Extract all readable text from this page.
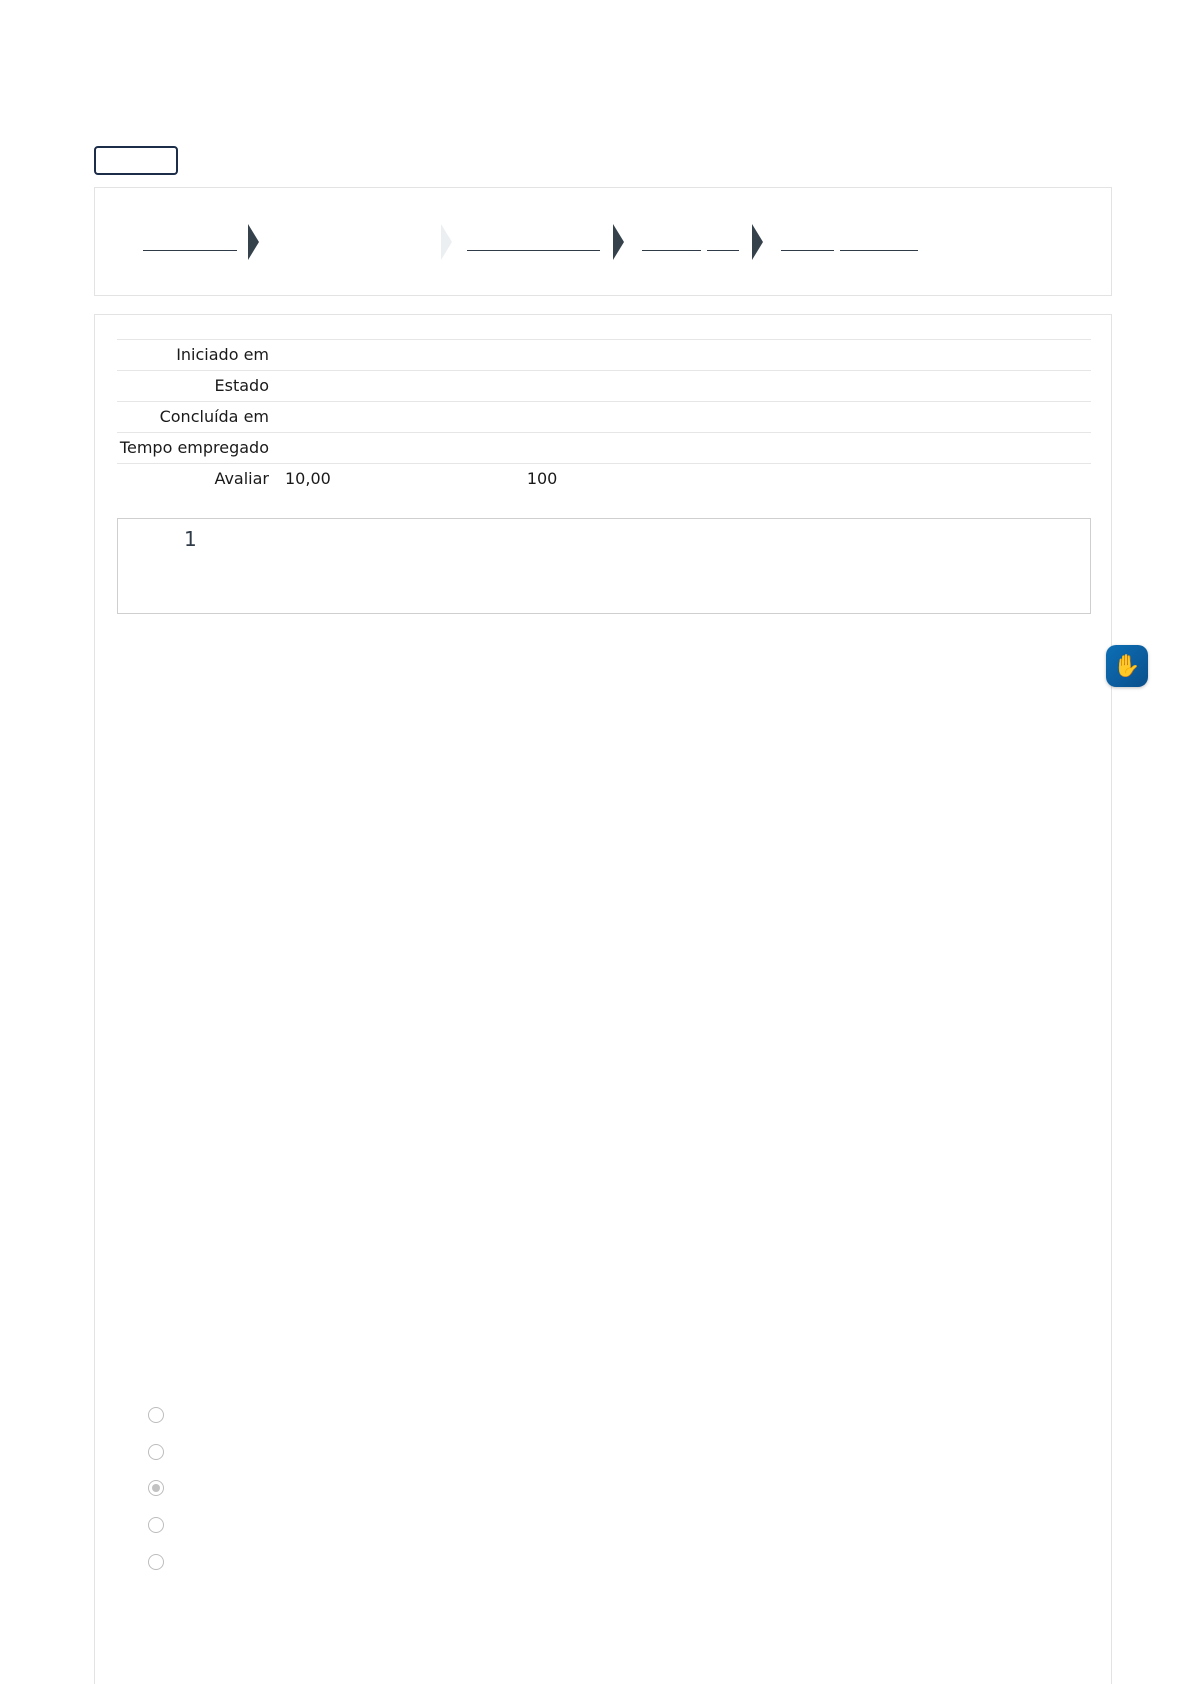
Iniciado em	
Estado	
Concluída em	
Tempo empregado	
Avaliar	10,00 100
1
✋
